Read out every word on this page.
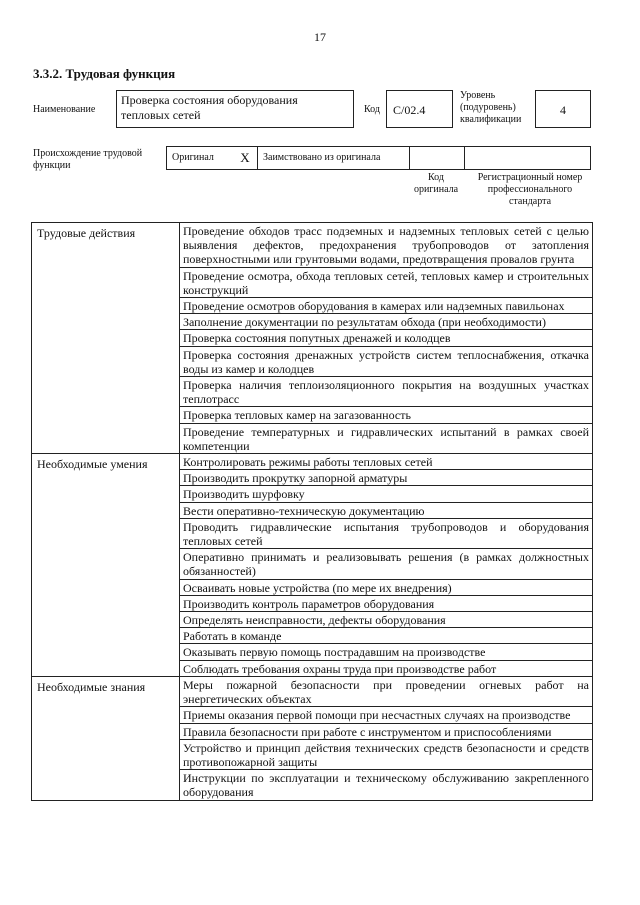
17
3.3.2. Трудовая функция
Наименование
Проверка состояния оборудования тепловых сетей	Код	С/02.4
Уровень (подуровень) квалификации
4
Происхождение трудовой функции
Оригинал	X	Заимствовано из оригинала
Код оригинала
Регистрационный номер профессионального стандарта
Трудовые действия	Проведение обходов трасс подземных и надземных тепловых сетей с целью выявления дефектов, предохранения трубопроводов от затопления поверхностными или грунтовыми водами, предотвращения провалов грунта
	Проведение осмотра, обхода тепловых сетей, тепловых камер и строительных конструкций
	Проведение осмотров оборудования в камерах или надземных павильонах
	Заполнение документации по результатам обхода (при необходимости)
	Проверка состояния попутных дренажей и колодцев
	Проверка состояния дренажных устройств систем теплоснабжения, откачка воды из камер и колодцев
	Проверка наличия теплоизоляционного покрытия на воздушных участках теплотрасс
	Проверка тепловых камер на загазованность
	Проведение температурных и гидравлических испытаний в рамках своей компетенции
Необходимые умения	Контролировать режимы работы тепловых сетей
	Производить прокрутку запорной арматуры
	Производить шурфовку
	Вести оперативно-техническую документацию
	Проводить гидравлические испытания трубопроводов и оборудования тепловых сетей
	Оперативно принимать и реализовывать решения (в рамках должностных обязанностей)
	Осваивать новые устройства (по мере их внедрения)
	Производить контроль параметров оборудования
	Определять неисправности, дефекты оборудования
	Работать в команде
	Оказывать первую помощь пострадавшим на производстве
	Соблюдать требования охраны труда при производстве работ
Необходимые знания	Меры пожарной безопасности при проведении огневых работ на энергетических объектах
	Приемы оказания первой помощи при несчастных случаях на производстве
	Правила безопасности при работе с инструментом и приспособлениями
	Устройство и принцип действия технических средств безопасности и средств противопожарной защиты
	Инструкции по эксплуатации и техническому обслуживанию закрепленного оборудования
